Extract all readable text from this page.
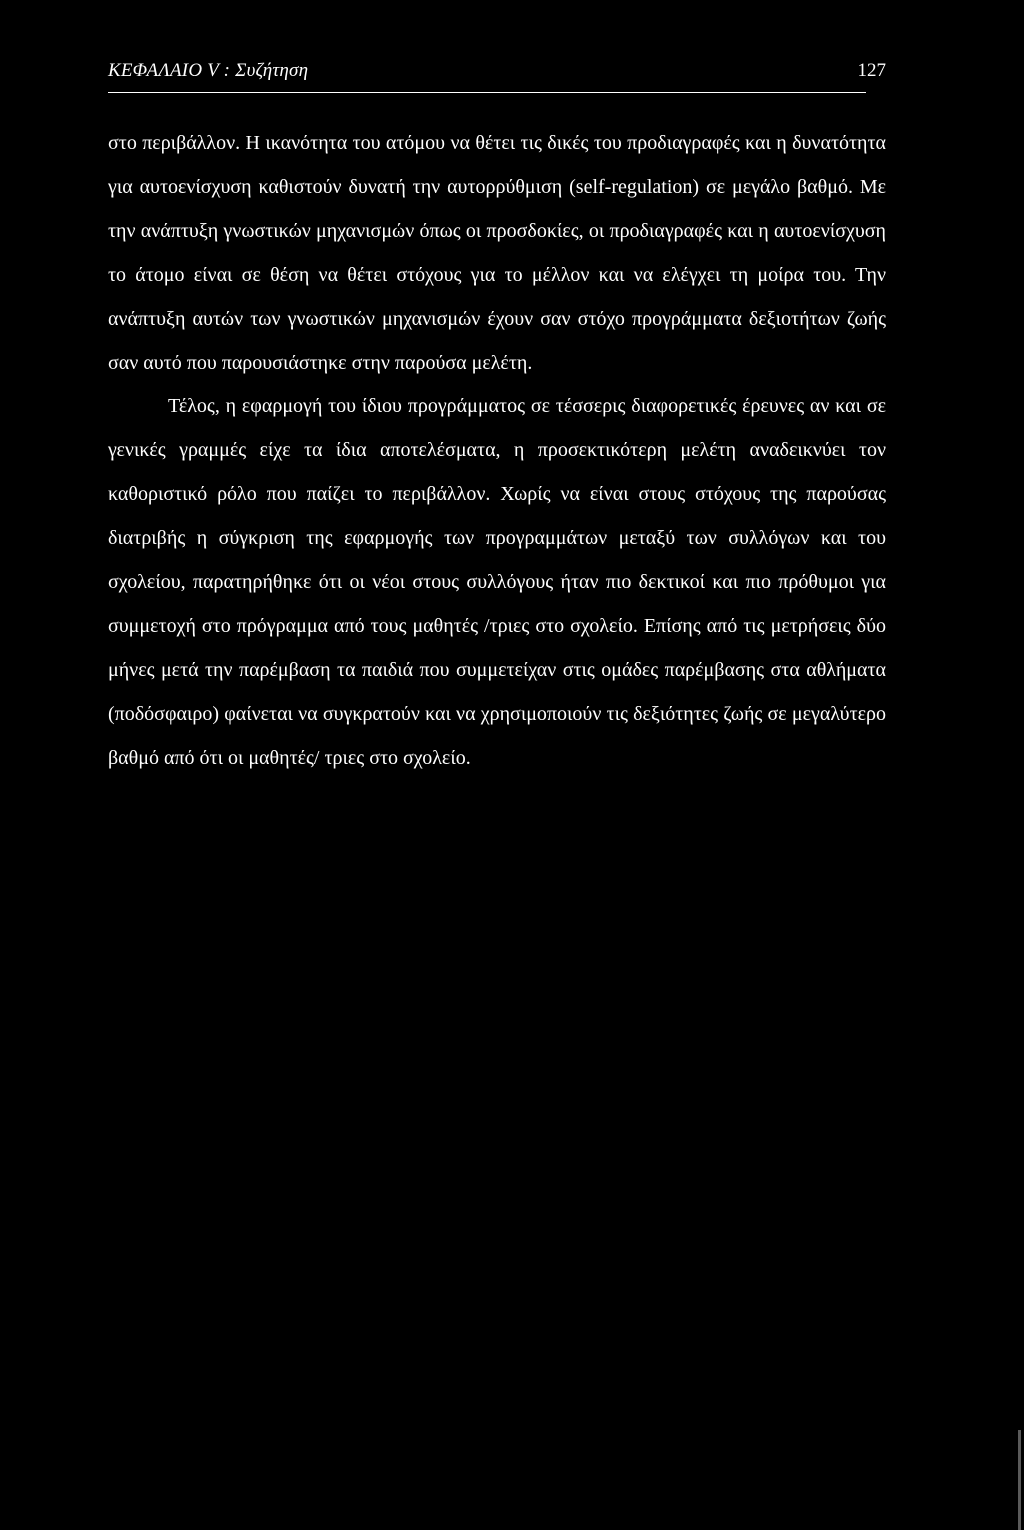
ΚΕΦΑΛΑΙΟ V : Συζήτηση	127

στο περιβάλλον. Η ικανότητα του ατόμου να θέτει τις δικές του προδιαγραφές και η δυνατότητα για αυτοενίσχυση καθιστούν δυνατή την αυτορρύθμιση (self-regulation) σε μεγάλο βαθμό. Με την ανάπτυξη γνωστικών μηχανισμών όπως οι προσδοκίες, οι προδιαγραφές και η αυτοενίσχυση το άτομο είναι σε θέση να θέτει στόχους για το μέλλον και να ελέγχει τη μοίρα του. Την ανάπτυξη αυτών των γνωστικών μηχανισμών έχουν σαν στόχο προγράμματα δεξιοτήτων ζωής σαν αυτό που παρουσιάστηκε στην παρούσα μελέτη.

Τέλος, η εφαρμογή του ίδιου προγράμματος σε τέσσερις διαφορετικές έρευνες αν και σε γενικές γραμμές είχε τα ίδια αποτελέσματα, η προσεκτικότερη μελέτη αναδεικνύει τον καθοριστικό ρόλο που παίζει το περιβάλλον. Χωρίς να είναι στους στόχους της παρούσας διατριβής η σύγκριση της εφαρμογής των προγραμμάτων μεταξύ των συλλόγων και του σχολείου, παρατηρήθηκε ότι οι νέοι στους συλλόγους ήταν πιο δεκτικοί και πιο πρόθυμοι για συμμετοχή στο πρόγραμμα από τους μαθητές /τριες στο σχολείο. Επίσης από τις μετρήσεις δύο μήνες μετά την παρέμβαση τα παιδιά που συμμετείχαν στις ομάδες παρέμβασης στα αθλήματα (ποδόσφαιρο) φαίνεται να συγκρατούν και να χρησιμοποιούν τις δεξιότητες ζωής σε μεγαλύτερο βαθμό από ότι οι μαθητές/ τριες στο σχολείο.
